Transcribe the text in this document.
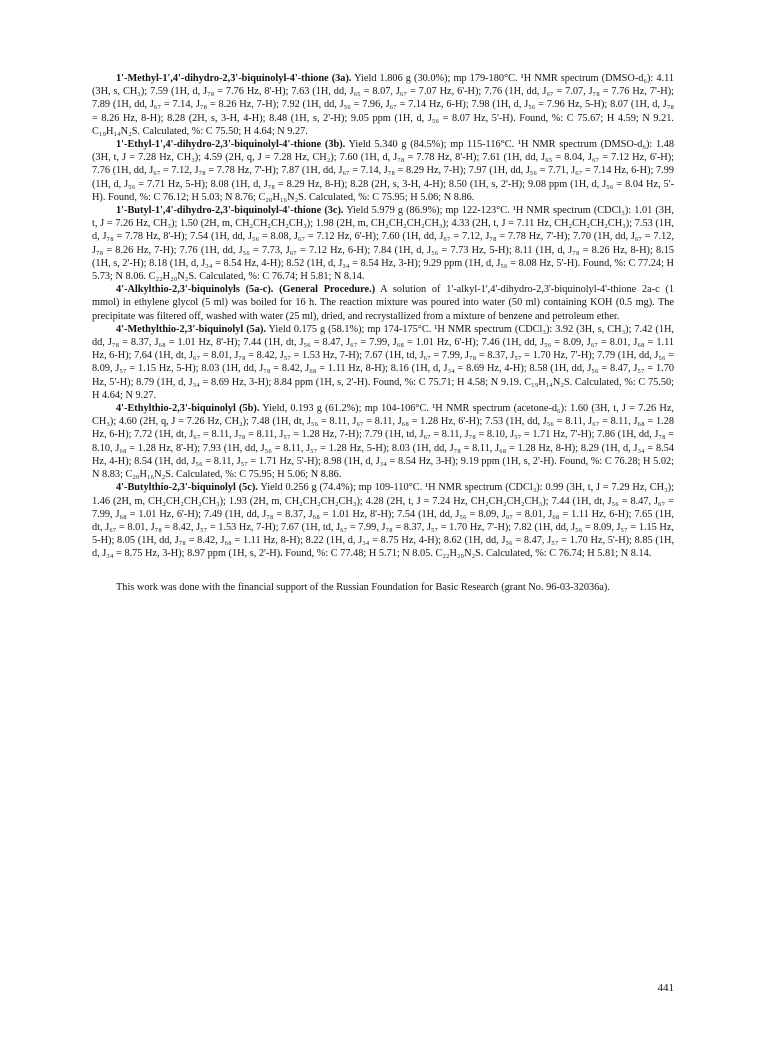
1'-Methyl-1',4'-dihydro-2,3'-biquinolyl-4'-thione (3a). Yield 1.806 g (30.0%); mp 179-180°C. ¹H NMR spectrum (DMSO-d₆): 4.11 (3H, s, CH₃); 7.59 (1H, d, J₇₈ = 7.76 Hz, 8'-H); 7.63 (1H, dd, J₆₅ = 8.07, J₆₇ = 7.07 Hz, 6'-H); 7.76 (1H, dd, J₆₇ = 7.07, J₇₈ = 7.76 Hz, 7'-H); 7.89 (1H, dd, J₆₇ = 7.14, J₇₈ = 8.26 Hz, 7-H); 7.92 (1H, dd, J₅₆ = 7.96, J₆₇ = 7.14 Hz, 6-H); 7.98 (1H, d, J₅₆ = 7.96 Hz, 5-H); 8.07 (1H, d, J₇₈ = 8.26 Hz, 8-H); 8.28 (2H, s, 3-H, 4-H); 8.48 (1H, s, 2'-H); 9.05 ppm (1H, d, J₅₆ = 8.07 Hz, 5'-H). Found, %: C 75.67; H 4.59; N 9.21. C₁₉H₁₄N₂S. Calculated, %: C 75.50; H 4.64; N 9.27.

1'-Ethyl-1',4'-dihydro-2,3'-biquinolyl-4'-thione (3b). Yield 5.340 g (84.5%); mp 115-116°C. ¹H NMR spectrum (DMSO-d₆): 1.48 (3H, t, J = 7.28 Hz, CH₃); 4.59 (2H, q, J = 7.28 Hz, CH₂); 7.60 (1H, d, J₇₈ = 7.78 Hz, 8'-H); 7.61 (1H, dd, J₆₅ = 8.04, J₆₇ = 7.12 Hz, 6'-H); 7.76 (1H, dd, J₆₇ = 7.12, J₇₈ = 7.78 Hz, 7'-H); 7.87 (1H, dd, J₆₇ = 7.14, J₇₈ = 8.29 Hz, 7-H); 7.97 (1H, dd, J₅₆ = 7.71, J₆₇ = 7.14 Hz, 6-H); 7.99 (1H, d, J₅₆ = 7.71 Hz, 5-H); 8.08 (1H, d, J₇₈ = 8.29 Hz, 8-H); 8.28 (2H, s, 3-H, 4-H); 8.50 (1H, s, 2'-H); 9.08 ppm (1H, d, J₅₆ = 8.04 Hz, 5'-H). Found, %: C 76.12; H 5.03; N 8.76; C₂₀H₁₆N₂S. Calculated, %: C 75.95; H 5.06; N 8.86.

1'-Butyl-1',4'-dihydro-2,3'-biquinolyl-4'-thione (3c). Yield 5.979 g (86.9%); mp 122-123°C. ¹H NMR spectrum (CDCl₃): 1.01 (3H, t, J = 7.26 Hz, CH₃); 1.50 (2H, m, CH₂CH₂CH₂CH₃); 1.98 (2H, m, CH₂CH₂CH₂CH₃); 4.33 (2H, t, J = 7.11 Hz, CH₂CH₂CH₂CH₃); 7.53 (1H, d, J₇₈ = 7.78 Hz, 8'-H); 7.54 (1H, dd, J₅₆ = 8.08, J₆₇ = 7.12 Hz, 6'-H); 7.60 (1H, dd, J₆₇ = 7.12, J₇₈ = 7.78 Hz, 7'-H); 7.70 (1H, dd, J₆₇ = 7.12, J₇₈ = 8.26 Hz, 7-H); 7.76 (1H, dd, J₅₆ = 7.73, J₆₇ = 7.12 Hz, 6-H); 7.84 (1H, d, J₅₆ = 7.73 Hz, 5-H); 8.11 (1H, d, J₇₈ = 8.26 Hz, 8-H); 8.15 (1H, s, 2'-H); 8.18 (1H, d, J₃₄ = 8.54 Hz, 4-H); 8.52 (1H, d, J₃₄ = 8.54 Hz, 3-H); 9.29 ppm (1H, d, J₅₆ = 8.08 Hz, 5'-H). Found, %: C 77.24; H 5.73; N 8.06. C₂₂H₂₀N₂S. Calculated, %: C 76.74; H 5.81; N 8.14.

4'-Alkylthio-2,3'-biquinolyls (5a-c). (General Procedure.) A solution of 1'-alkyl-1',4'-dihydro-2,3'-biquinolyl-4'-thione 2a-c (1 mmol) in ethylene glycol (5 ml) was boiled for 16 h. The reaction mixture was poured into water (50 ml) containing KOH (0.5 mg). The precipitate was filtered off, washed with water (25 ml), dried, and recrystallized from a mixture of benzene and petroleum ether.

4'-Methylthio-2,3'-biquinolyl (5a). Yield 0.175 g (58.1%); mp 174-175°C. ¹H NMR spectrum (CDCl₃): 3.92 (3H, s, CH₃); 7.42 (1H, dd, J₇₈ = 8.37, J₆₈ = 1.01 Hz, 8'-H); 7.44 (1H, dt, J₅₆ = 8.47, J₆₇ = 7.99, J₆₈ = 1.01 Hz, 6'-H); 7.46 (1H, dd, J₅₆ = 8.09, J₆₇ = 8.01, J₆₈ = 1.11 Hz, 6-H); 7.64 (1H, dt, J₆₇ = 8.01, J₇₈ = 8.42, J₅₇ = 1.53 Hz, 7-H); 7.67 (1H, td, J₆₇ = 7.99, J₇₈ = 8.37, J₅₇ = 1.70 Hz, 7'-H); 7.79 (1H, dd, J₅₆ = 8.09, J₅₇ = 1.15 Hz, 5-H); 8.03 (1H, dd, J₇₈ = 8.42, J₆₈ = 1.11 Hz, 8-H); 8.16 (1H, d, J₃₄ = 8.69 Hz, 4-H); 8.58 (1H, dd, J₅₆ = 8.47, J₅₇ = 1.70 Hz, 5'-H); 8.79 (1H, d, J₃₄ = 8.69 Hz, 3-H); 8.84 ppm (1H, s, 2'-H). Found, %: C 75.71; H 4.58; N 9.19. C₁₉H₁₄N₂S. Calculated, %: C 75.50; H 4.64; N 9.27.

4'-Ethylthio-2,3'-biquinolyl (5b). Yield, 0.193 g (61.2%); mp 104-106°C. ¹H NMR spectrum (acetone-d₆): 1.60 (3H, t, J = 7.26 Hz, CH₃); 4.60 (2H, q, J = 7.26 Hz, CH₂); 7.48 (1H, dt, J₅₆ = 8.11, J₆₇ = 8.11, J₆₈ = 1.28 Hz, 6'-H); 7.53 (1H, dd, J₅₆ = 8.11, J₆₇ = 8.11, J₆₈ = 1.28 Hz, 6-H); 7.72 (1H, dt, J₆₇ = 8.11, J₇₈ = 8.11, J₅₇ = 1.28 Hz, 7-H); 7.79 (1H, td, J₆₇ = 8.11, J₇₈ = 8.10, J₅₇ = 1.71 Hz, 7'-H); 7.86 (1H, dd, J₇₈ = 8.10, J₆₈ = 1.28 Hz, 8'-H); 7.93 (1H, dd, J₅₆ = 8.11, J₅₇ = 1.28 Hz, 5-H); 8.03 (1H, dd, J₇₈ = 8.11, J₆₈ = 1.28 Hz, 8-H); 8.29 (1H, d, J₃₄ = 8.54 Hz, 4-H); 8.54 (1H, dd, J₅₆ = 8.11, J₅₇ = 1.71 Hz, 5'-H); 8.98 (1H, d, J₃₄ = 8.54 Hz, 3-H); 9.19 ppm (1H, s, 2'-H). Found, %: C 76.28; H 5.02; N 8.83; C₂₀H₁₆N₂S. Calculated, %: C 75.95; H 5.06; N 8.86.

4'-Butylthio-2,3'-biquinolyl (5c). Yield 0.256 g (74.4%); mp 109-110°C. ¹H NMR spectrum (CDCl₃): 0.99 (3H, t, J = 7.29 Hz, CH₃); 1.46 (2H, m, CH₂CH₂CH₂CH₃); 1.93 (2H, m, CH₂CH₂CH₂CH₃); 4.28 (2H, t, J = 7.24 Hz, CH₂CH₂CH₂CH₃); 7.44 (1H, dt, J₅₆ = 8.47, J₆₇ = 7.99, J₆₈ = 1.01 Hz, 6'-H); 7.49 (1H, dd, J₇₈ = 8.37, J₆₈ = 1.01 Hz, 8'-H); 7.54 (1H, dd, J₅₆ = 8.09, J₆₇ = 8.01, J₆₈ = 1.11 Hz, 6-H); 7.65 (1H, dt, J₆₇ = 8.01, J₇₈ = 8.42, J₅₇ = 1.53 Hz, 7-H); 7.67 (1H, td, J₆₇ = 7.99, J₇₈ = 8.37, J₅₇ = 1.70 Hz, 7'-H); 7.82 (1H, dd, J₅₆ = 8.09, J₅₇ = 1.15 Hz, 5-H); 8.05 (1H, dd, J₇₈ = 8.42, J₆₈ = 1.11 Hz, 8-H); 8.22 (1H, d, J₃₄ = 8.75 Hz, 4-H); 8.62 (1H, dd, J₅₆ = 8.47, J₅₇ = 1.70 Hz, 5'-H); 8.85 (1H, d, J₃₄ = 8.75 Hz, 3-H); 8.97 ppm (1H, s, 2'-H). Found, %: C 77.48; H 5.71; N 8.05. C₂₂H₂₀N₂S. Calculated, %: C 76.74; H 5.81; N 8.14.

This work was done with the financial support of the Russian Foundation for Basic Research (grant No. 96-03-32036a).

441
